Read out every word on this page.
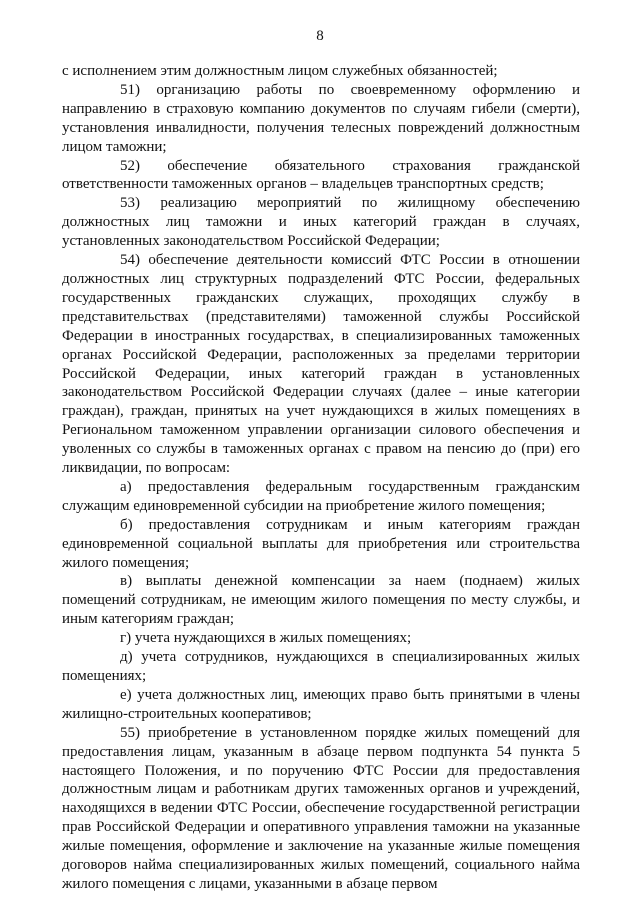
8

с исполнением этим должностным лицом служебных обязанностей;

51) организацию работы по своевременному оформлению и направлению в страховую компанию документов по случаям гибели (смерти), установления инвалидности, получения телесных повреждений должностным лицом таможни;

52) обеспечение обязательного страхования гражданской ответственности таможенных органов – владельцев транспортных средств;

53) реализацию мероприятий по жилищному обеспечению должностных лиц таможни и иных категорий граждан в случаях, установленных законодательством Российской Федерации;

54) обеспечение деятельности комиссий ФТС России в отношении должностных лиц структурных подразделений ФТС России, федеральных государственных гражданских служащих, проходящих службу в представительствах (представителями) таможенной службы Российской Федерации в иностранных государствах, в специализированных таможенных органах Российской Федерации, расположенных за пределами территории Российской Федерации, иных категорий граждан в установленных законодательством Российской Федерации случаях (далее – иные категории граждан), граждан, принятых на учет нуждающихся в жилых помещениях в Региональном таможенном управлении организации силового обеспечения и уволенных со службы в таможенных органах с правом на пенсию до (при) его ликвидации, по вопросам:

а) предоставления федеральным государственным гражданским служащим единовременной субсидии на приобретение жилого помещения;

б) предоставления сотрудникам и иным категориям граждан единовременной социальной выплаты для приобретения или строительства жилого помещения;

в) выплаты денежной компенсации за наем (поднаем) жилых помещений сотрудникам, не имеющим жилого помещения по месту службы, и иным категориям граждан;

г) учета нуждающихся в жилых помещениях;

д) учета сотрудников, нуждающихся в специализированных жилых помещениях;

е) учета должностных лиц, имеющих право быть принятыми в члены жилищно-строительных кооперативов;

55) приобретение в установленном порядке жилых помещений для предоставления лицам, указанным в абзаце первом подпункта 54 пункта 5 настоящего Положения, и по поручению ФТС России для предоставления должностным лицам и работникам других таможенных органов и учреждений, находящихся в ведении ФТС России, обеспечение государственной регистрации прав Российской Федерации и оперативного управления таможни на указанные жилые помещения, оформление и заключение на указанные жилые помещения договоров найма специализированных жилых помещений, социального найма жилого помещения с лицами, указанными в абзаце первом
